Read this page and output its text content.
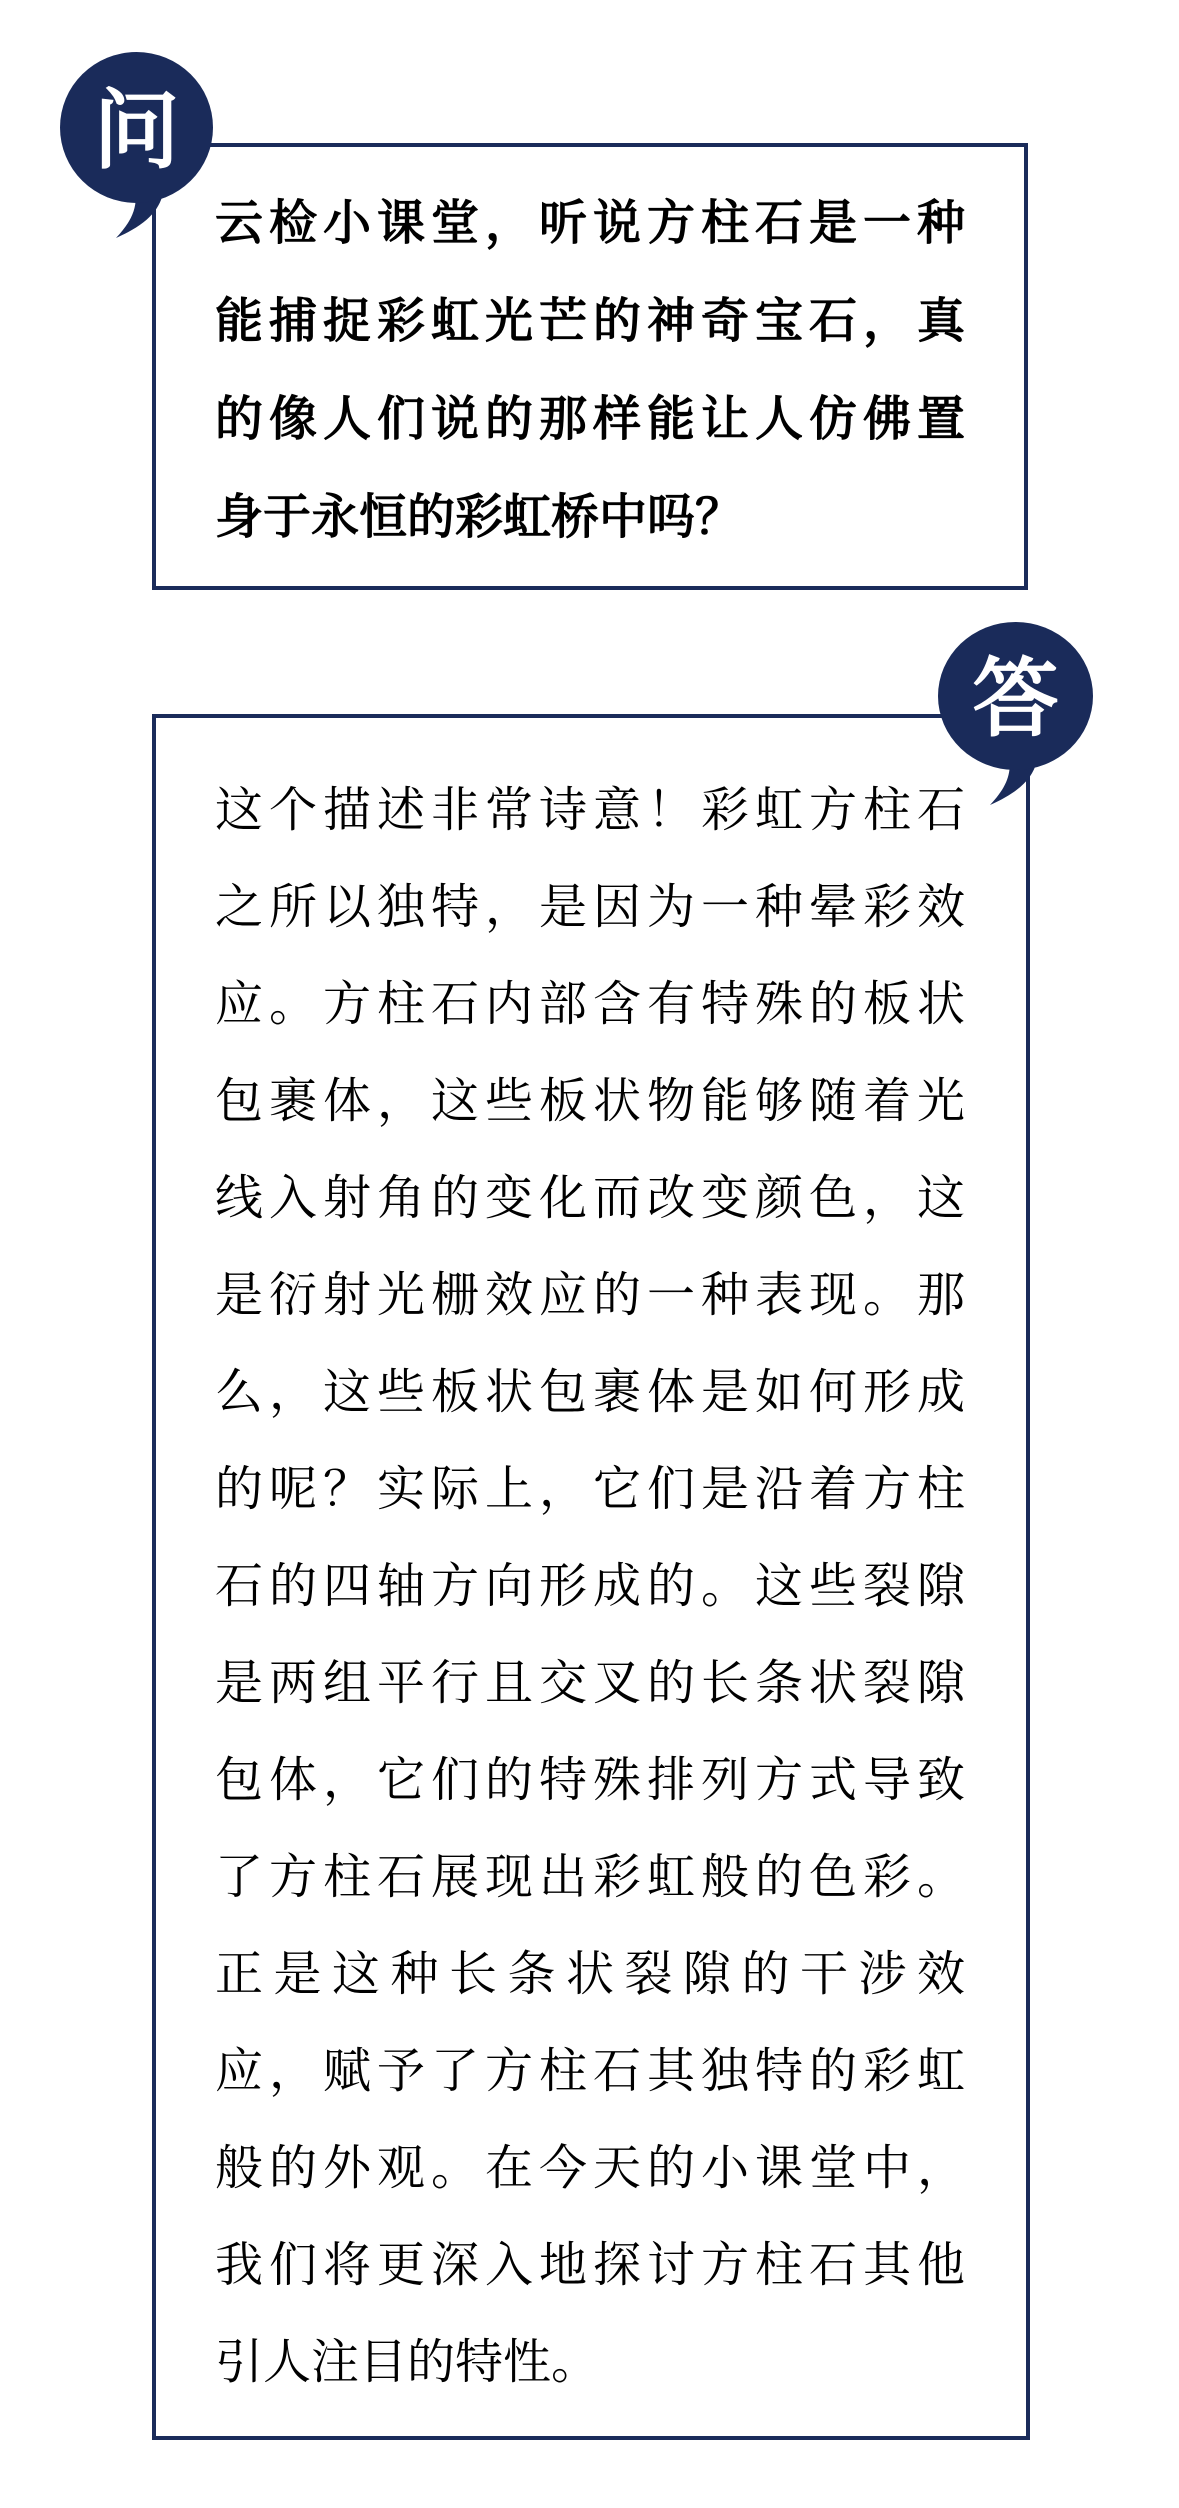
问
云检小课堂，听说方柱石是一种
能捕捉彩虹光芒的神奇宝石，真
的像人们说的那样能让人仿佛置
身于永恒的彩虹桥中吗？
答
这个描述非常诗意！彩虹方柱石
之所以独特，是因为一种晕彩效
应。方柱石内部含有特殊的板状
包裹体，这些板状物能够随着光
线入射角的变化而改变颜色，这
是衍射光栅效应的一种表现。那
么，这些板状包裹体是如何形成
的呢？实际上，它们是沿着方柱
石的四轴方向形成的。这些裂隙
是两组平行且交叉的长条状裂隙
包体，它们的特殊排列方式导致
了方柱石展现出彩虹般的色彩。
正是这种长条状裂隙的干涉效
应，赋予了方柱石其独特的彩虹
般的外观。在今天的小课堂中，
我们将更深入地探讨方柱石其他
引人注目的特性。
